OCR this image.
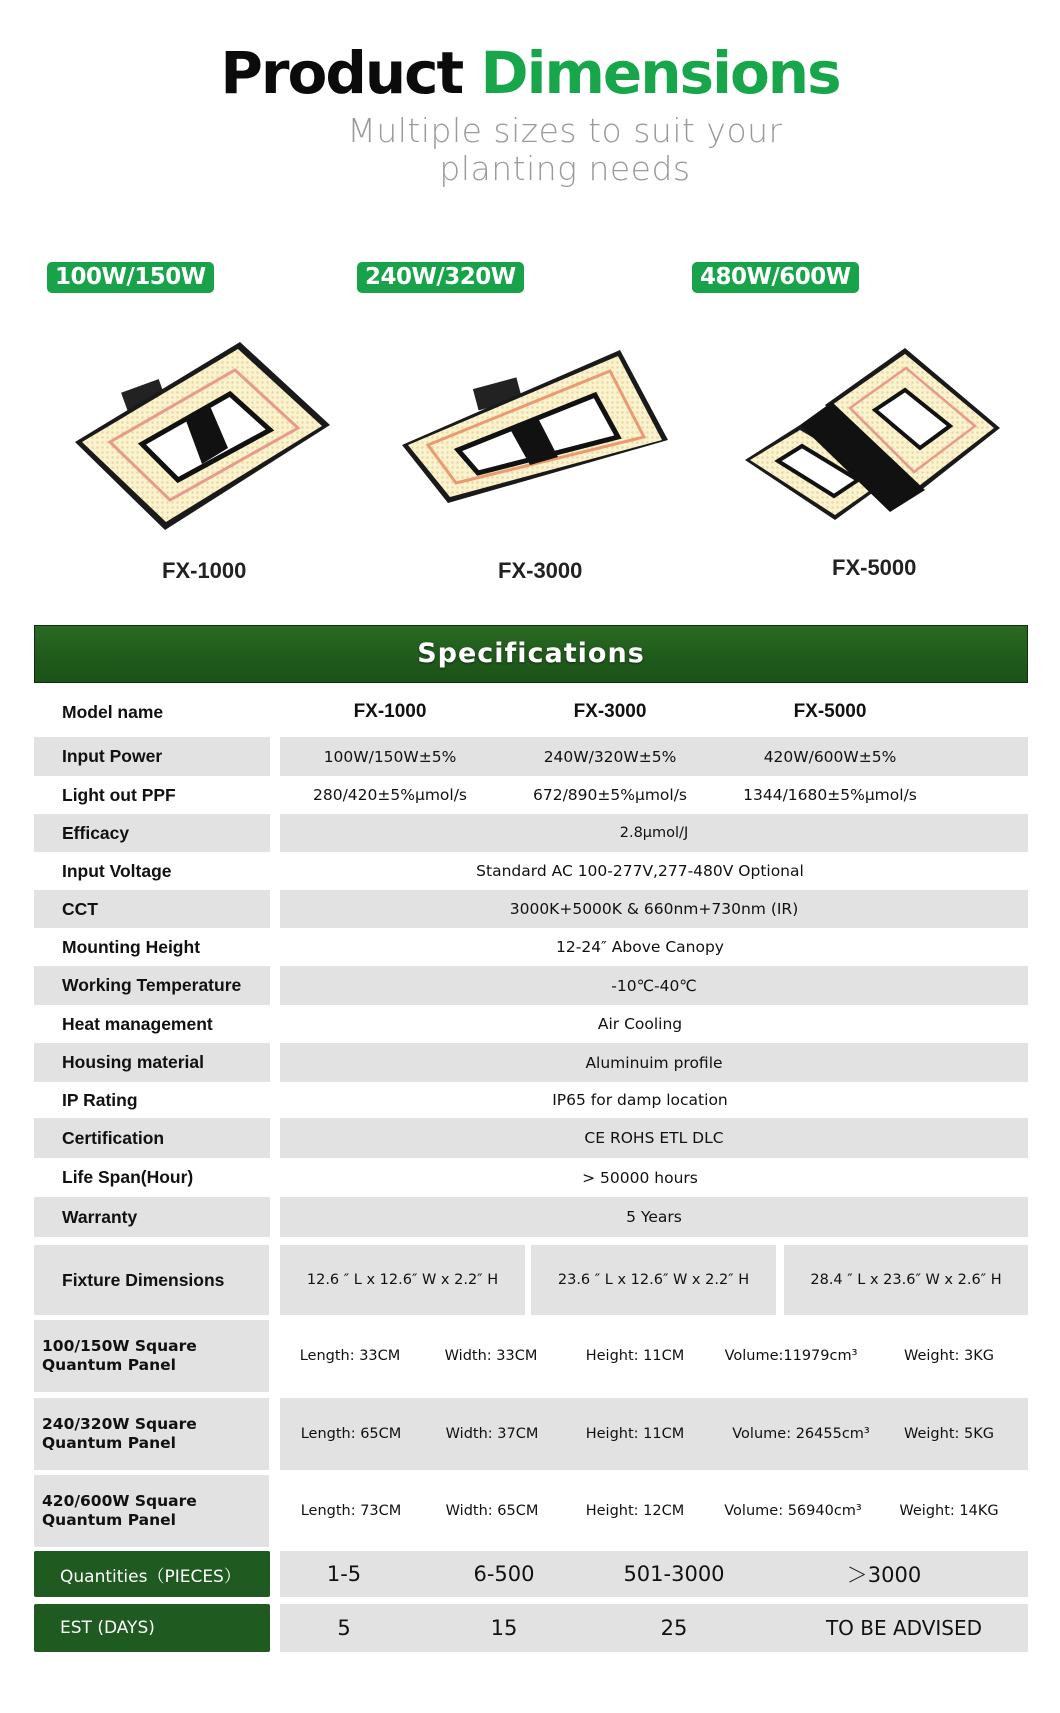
Product Dimensions
Multiple sizes to suit your
planting needs
100W/150W	240W/320W	480W/600W
FX-1000	FX-3000	FX-5000
Specifications
Model name	FX-1000	FX-3000	FX-5000
Input Power	100W/150W±5%	240W/320W±5%	420W/600W±5%
Light out PPF	280/420±5%μmol/s	672/890±5%μmol/s	1344/1680±5%μmol/s
Efficacy	2.8μmol/J
Input Voltage	Standard AC 100-277V,277-480V Optional
CCT	3000K+5000K & 660nm+730nm (IR)
Mounting Height	12-24″ Above Canopy
Working Temperature	-10℃-40℃
Heat management	Air Cooling
Housing material	Aluminuim profile
IP Rating	IP65 for damp location
Certification	CE ROHS ETL DLC
Life Span(Hour)	> 50000 hours
Warranty	5 Years
Fixture Dimensions	12.6 ″ L x 12.6″ W x 2.2″ H	23.6 ″ L x 12.6″ W x 2.2″ H	28.4 ″ L x 23.6″ W x 2.6″ H
100/150W Square Quantum Panel	Length: 33CM	Width: 33CM	Height: 11CM	Volume:11979cm³	Weight: 3KG
240/320W Square Quantum Panel	Length: 65CM	Width: 37CM	Height: 11CM	Volume: 26455cm³	Weight: 5KG
420/600W Square Quantum Panel	Length: 73CM	Width: 65CM	Height: 12CM	Volume: 56940cm³	Weight: 14KG
Quantities（PIECES）	1-5	6-500	501-3000	＞3000
EST (DAYS)	5	15	25	TO BE ADVISED
